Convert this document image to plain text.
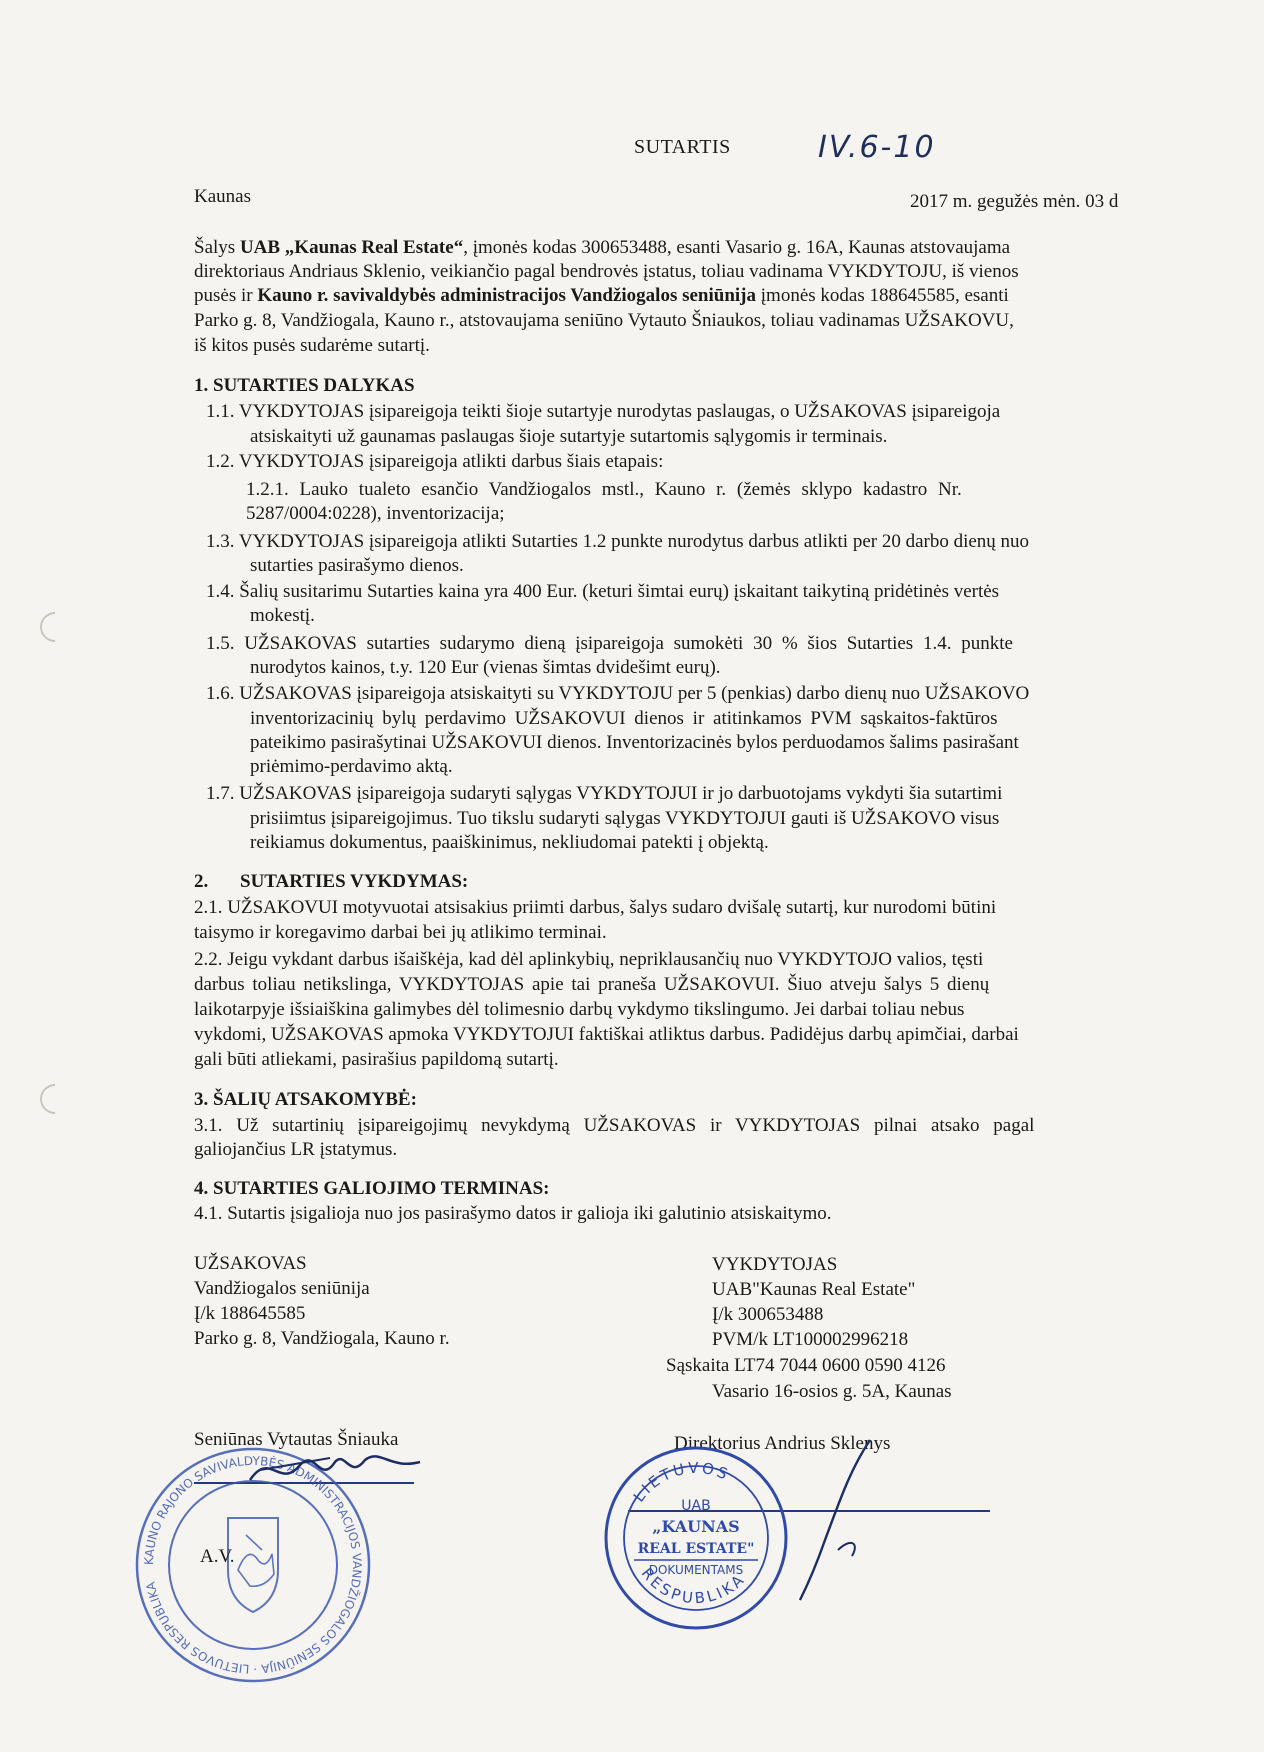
SUTARTIS	IV.6-10
Kaunas	2017 m. gegužės mėn. 03 d
Šalys UAB „Kaunas Real Estate“, įmonės kodas 300653488, esanti Vasario g. 16A, Kaunas atstovaujama
direktoriaus Andriaus Sklenio, veikiančio pagal bendrovės įstatus, toliau vadinama VYKDYTOJU, iš vienos
pusės ir Kauno r. savivaldybės administracijos Vandžiogalos seniūnija įmonės kodas 188645585, esanti
Parko g. 8, Vandžiogala, Kauno r., atstovaujama seniūno Vytauto Šniaukos, toliau vadinamas UŽSAKOVU,
iš kitos pusės sudarėme sutartį.
1. SUTARTIES DALYKAS
1.1. VYKDYTOJAS įsipareigoja teikti šioje sutartyje nurodytas paslaugas, o UŽSAKOVAS įsipareigoja
atsiskaityti už gaunamas paslaugas šioje sutartyje sutartomis sąlygomis ir terminais.
1.2. VYKDYTOJAS įsipareigoja atlikti darbus šiais etapais:
1.2.1. Lauko tualeto esančio Vandžiogalos mstl., Kauno r. (žemės sklypo kadastro Nr.
5287/0004:0228), inventorizacija;
1.3. VYKDYTOJAS įsipareigoja atlikti Sutarties 1.2 punkte nurodytus darbus atlikti per 20 darbo dienų nuo
sutarties pasirašymo dienos.
1.4. Šalių susitarimu Sutarties kaina yra 400 Eur. (keturi šimtai eurų) įskaitant taikytiną pridėtinės vertės
mokestį.
1.5. UŽSAKOVAS sutarties sudarymo dieną įsipareigoja sumokėti 30 % šios Sutarties 1.4. punkte
nurodytos kainos, t.y. 120 Eur (vienas šimtas dvidešimt eurų).
1.6. UŽSAKOVAS įsipareigoja atsiskaityti su VYKDYTOJU per 5 (penkias) darbo dienų nuo UŽSAKOVO
inventorizacinių bylų perdavimo UŽSAKOVUI dienos ir atitinkamos PVM sąskaitos-faktūros
pateikimo pasirašytinai UŽSAKOVUI dienos. Inventorizacinės bylos perduodamos šalims pasirašant
priėmimo-perdavimo aktą.
1.7. UŽSAKOVAS įsipareigoja sudaryti sąlygas VYKDYTOJUI ir jo darbuotojams vykdyti šia sutartimi
prisiimtus įsipareigojimus. Tuo tikslu sudaryti sąlygas VYKDYTOJUI gauti iš UŽSAKOVO visus
reikiamus dokumentus, paaiškinimus, nekliudomai patekti į objektą.
2. SUTARTIES VYKDYMAS:
2.1. UŽSAKOVUI motyvuotai atsisakius priimti darbus, šalys sudaro dvišalę sutartį, kur nurodomi būtini
taisymo ir koregavimo darbai bei jų atlikimo terminai.
2.2. Jeigu vykdant darbus išaiškėja, kad dėl aplinkybių, nepriklausančių nuo VYKDYTOJO valios, tęsti
darbus toliau netikslinga, VYKDYTOJAS apie tai praneša UŽSAKOVUI. Šiuo atveju šalys 5 dienų
laikotarpyje išsiaiškina galimybes dėl tolimesnio darbų vykdymo tikslingumo. Jei darbai toliau nebus
vykdomi, UŽSAKOVAS apmoka VYKDYTOJUI faktiškai atliktus darbus. Padidėjus darbų apimčiai, darbai
gali būti atliekami, pasirašius papildomą sutartį.
3. ŠALIŲ ATSAKOMYBĖ:
3.1. Už sutartinių įsipareigojimų nevykdymą UŽSAKOVAS ir VYKDYTOJAS pilnai atsako pagal
galiojančius LR įstatymus.
4. SUTARTIES GALIOJIMO TERMINAS:
4.1. Sutartis įsigalioja nuo jos pasirašymo datos ir galioja iki galutinio atsiskaitymo.
UŽSAKOVAS
Vandžiogalos seniūnija
Į/k 188645585
Parko g. 8, Vandžiogala, Kauno r.
Seniūnas Vytautas Šniauka
VYKDYTOJAS
UAB"Kaunas Real Estate"
Į/k 300653488
PVM/k LT100002996218
Sąskaita LT74 7044 0600 0590 4126
Vasario 16-osios g. 5A, Kaunas
Direktorius Andrius Sklenys
KAUNO RAJONO SAVIVALDYBĖS ADMINISTRACIJOS VANDŽIOGALOS SENIŪNIJA · LIETUVOS RESPUBLIKA
A.V.
LIETUVOS
RESPUBLIKA
UAB
„KAUNAS
REAL ESTATE"
DOKUMENTAMS
